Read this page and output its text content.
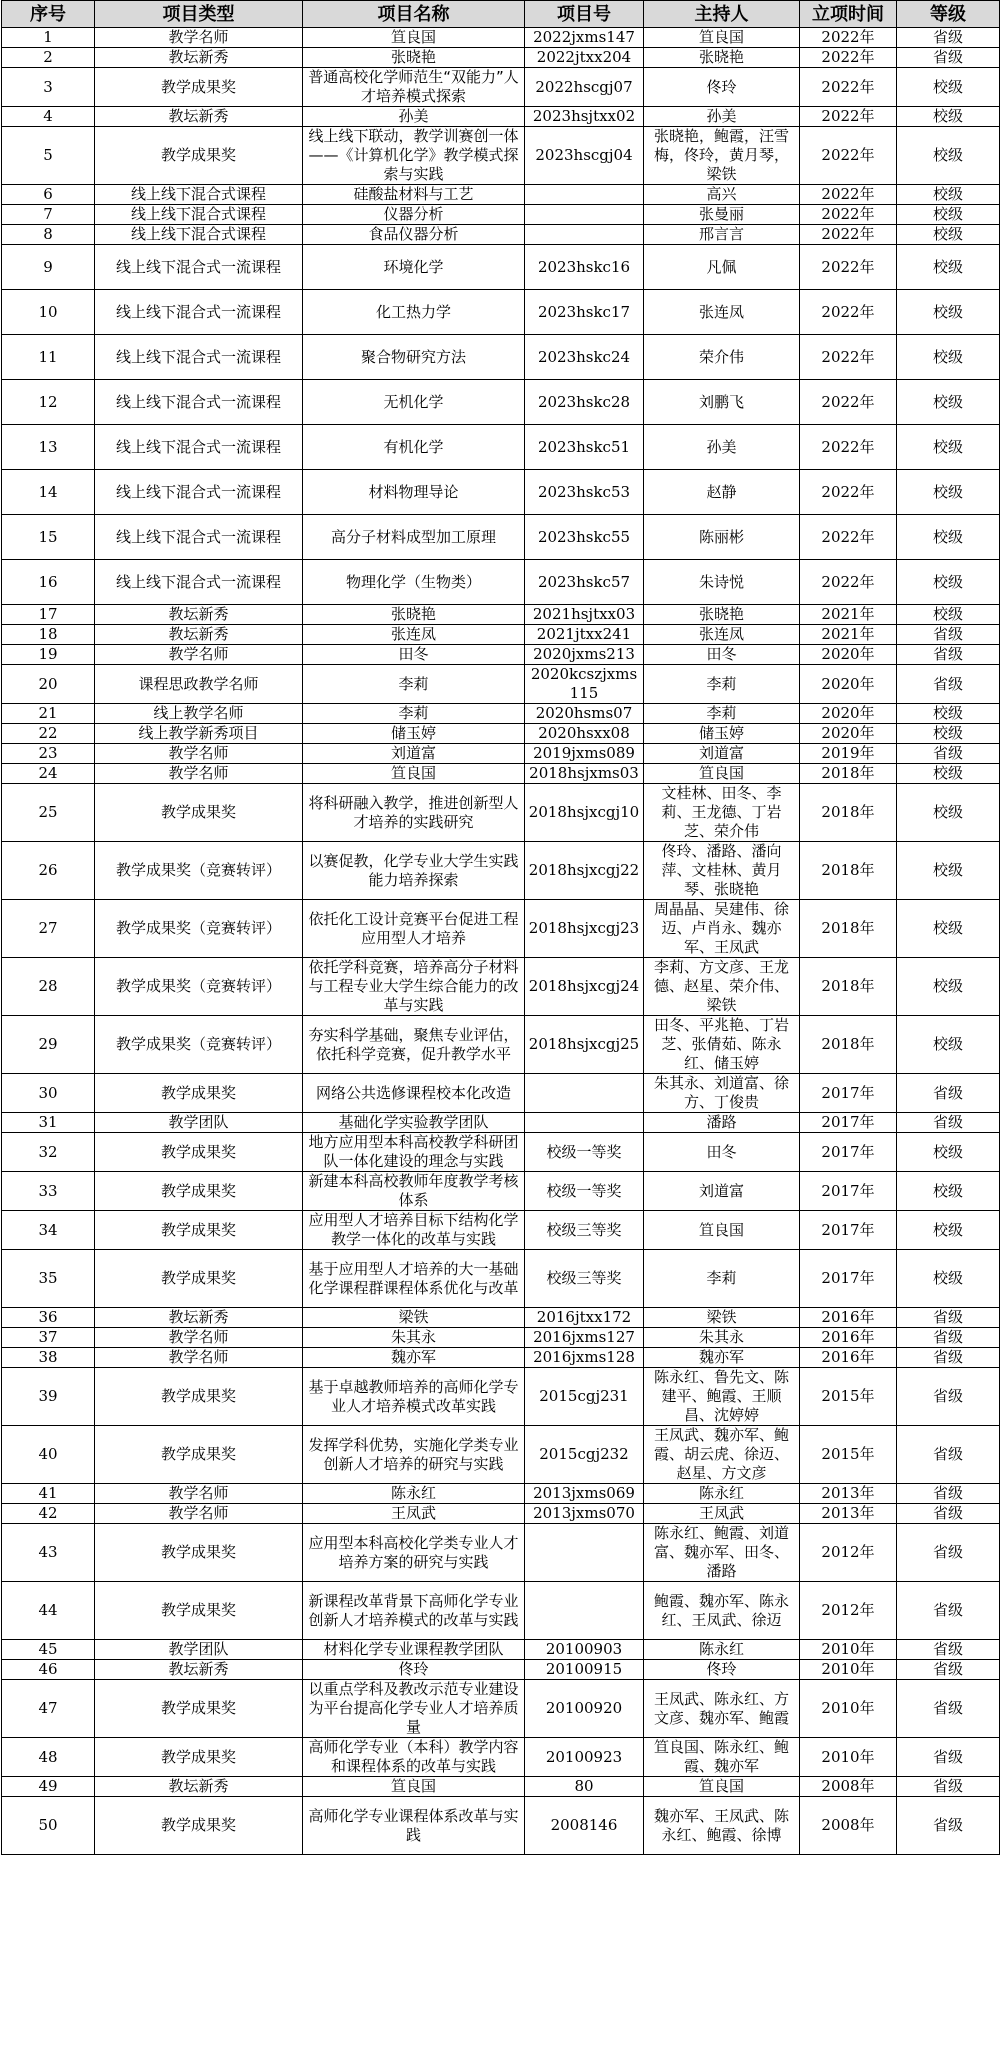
序号	项目类型	项目名称	项目号	主持人	立项时间	等级
1	教学名师	笪良国	2022jxms147	笪良国	2022年	省级
2	教坛新秀	张晓艳	2022jtxx204	张晓艳	2022年	省级
3	教学成果奖	普通高校化学师范生“双能力”人才培养模式探索	2022hscgj07	佟玲	2022年	校级
4	教坛新秀	孙美	2023hsjtxx02	孙美	2022年	校级
5	教学成果奖	线上线下联动，教学训赛创一体——《计算机化学》教学模式探索与实践	2023hscgj04	张晓艳，鲍霞，汪雪梅，佟玲，黄月琴，梁铁	2022年	校级
6	线上线下混合式课程	硅酸盐材料与工艺		高兴	2022年	校级
7	线上线下混合式课程	仪器分析		张曼丽	2022年	校级
8	线上线下混合式课程	食品仪器分析		邢言言	2022年	校级
9	线上线下混合式一流课程	环境化学	2023hskc16	凡佩	2022年	校级
10	线上线下混合式一流课程	化工热力学	2023hskc17	张连凤	2022年	校级
11	线上线下混合式一流课程	聚合物研究方法	2023hskc24	荣介伟	2022年	校级
12	线上线下混合式一流课程	无机化学	2023hskc28	刘鹏飞	2022年	校级
13	线上线下混合式一流课程	有机化学	2023hskc51	孙美	2022年	校级
14	线上线下混合式一流课程	材料物理导论	2023hskc53	赵静	2022年	校级
15	线上线下混合式一流课程	高分子材料成型加工原理	2023hskc55	陈丽彬	2022年	校级
16	线上线下混合式一流课程	物理化学（生物类）	2023hskc57	朱诗悦	2022年	校级
17	教坛新秀	张晓艳	2021hsjtxx03	张晓艳	2021年	校级
18	教坛新秀	张连凤	2021jtxx241	张连凤	2021年	省级
19	教学名师	田冬	2020jxms213	田冬	2020年	省级
20	课程思政教学名师	李莉	2020kcszjxms115	李莉	2020年	省级
21	线上教学名师	李莉	2020hsms07	李莉	2020年	校级
22	线上教学新秀项目	储玉婷	2020hsxx08	储玉婷	2020年	校级
23	教学名师	刘道富	2019jxms089	刘道富	2019年	省级
24	教学名师	笪良国	2018hsjxms03	笪良国	2018年	校级
25	教学成果奖	将科研融入教学，推进创新型人才培养的实践研究	2018hsjxcgj10	文桂林、田冬、李莉、王龙德、丁岩芝、荣介伟	2018年	校级
26	教学成果奖（竞赛转评）	以赛促教，化学专业大学生实践能力培养探索	2018hsjxcgj22	佟玲、潘路、潘向萍、文桂林、黄月琴、张晓艳	2018年	校级
27	教学成果奖（竞赛转评）	依托化工设计竞赛平台促进工程应用型人才培养	2018hsjxcgj23	周晶晶、吴建伟、徐迈、卢肖永、魏亦军、王凤武	2018年	校级
28	教学成果奖（竞赛转评）	依托学科竞赛，培养高分子材料与工程专业大学生综合能力的改革与实践	2018hsjxcgj24	李莉、方文彦、王龙德、赵星、荣介伟、梁铁	2018年	校级
29	教学成果奖（竞赛转评）	夯实科学基础，聚焦专业评估，依托科学竞赛，促升教学水平	2018hsjxcgj25	田冬、平兆艳、丁岩芝、张倩茹、陈永红、储玉婷	2018年	校级
30	教学成果奖	网络公共选修课程校本化改造		朱其永、刘道富、徐方、丁俊贵	2017年	省级
31	教学团队	基础化学实验教学团队		潘路	2017年	省级
32	教学成果奖	地方应用型本科高校教学科研团队一体化建设的理念与实践	校级一等奖	田冬	2017年	校级
33	教学成果奖	新建本科高校教师年度教学考核体系	校级一等奖	刘道富	2017年	校级
34	教学成果奖	应用型人才培养目标下结构化学教学一体化的改革与实践	校级三等奖	笪良国	2017年	校级
35	教学成果奖	基于应用型人才培养的大一基础化学课程群课程体系优化与改革	校级三等奖	李莉	2017年	校级
36	教坛新秀	梁铁	2016jtxx172	梁铁	2016年	省级
37	教学名师	朱其永	2016jxms127	朱其永	2016年	省级
38	教学名师	魏亦军	2016jxms128	魏亦军	2016年	省级
39	教学成果奖	基于卓越教师培养的高师化学专业人才培养模式改革实践	2015cgj231	陈永红、鲁先文、陈建平、鲍霞、王顺昌、沈婷婷	2015年	省级
40	教学成果奖	发挥学科优势，实施化学类专业创新人才培养的研究与实践	2015cgj232	王凤武、魏亦军、鲍霞、胡云虎、徐迈、赵星、方文彦	2015年	省级
41	教学名师	陈永红	2013jxms069	陈永红	2013年	省级
42	教学名师	王凤武	2013jxms070	王凤武	2013年	省级
43	教学成果奖	应用型本科高校化学类专业人才培养方案的研究与实践		陈永红、鲍霞、刘道富、魏亦军、田冬、潘路	2012年	省级
44	教学成果奖	新课程改革背景下高师化学专业创新人才培养模式的改革与实践		鲍霞、魏亦军、陈永红、王凤武、徐迈	2012年	省级
45	教学团队	材料化学专业课程教学团队	20100903	陈永红	2010年	省级
46	教坛新秀	佟玲	20100915	佟玲	2010年	省级
47	教学成果奖	以重点学科及教改示范专业建设为平台提高化学专业人才培养质量	20100920	王凤武、陈永红、方文彦、魏亦军、鲍霞	2010年	省级
48	教学成果奖	高师化学专业（本科）教学内容和课程体系的改革与实践	20100923	笪良国、陈永红、鲍霞、魏亦军	2010年	省级
49	教坛新秀	笪良国	80	笪良国	2008年	省级
50	教学成果奖	高师化学专业课程体系改革与实践	2008146	魏亦军、王凤武、陈永红、鲍霞、徐博	2008年	省级
